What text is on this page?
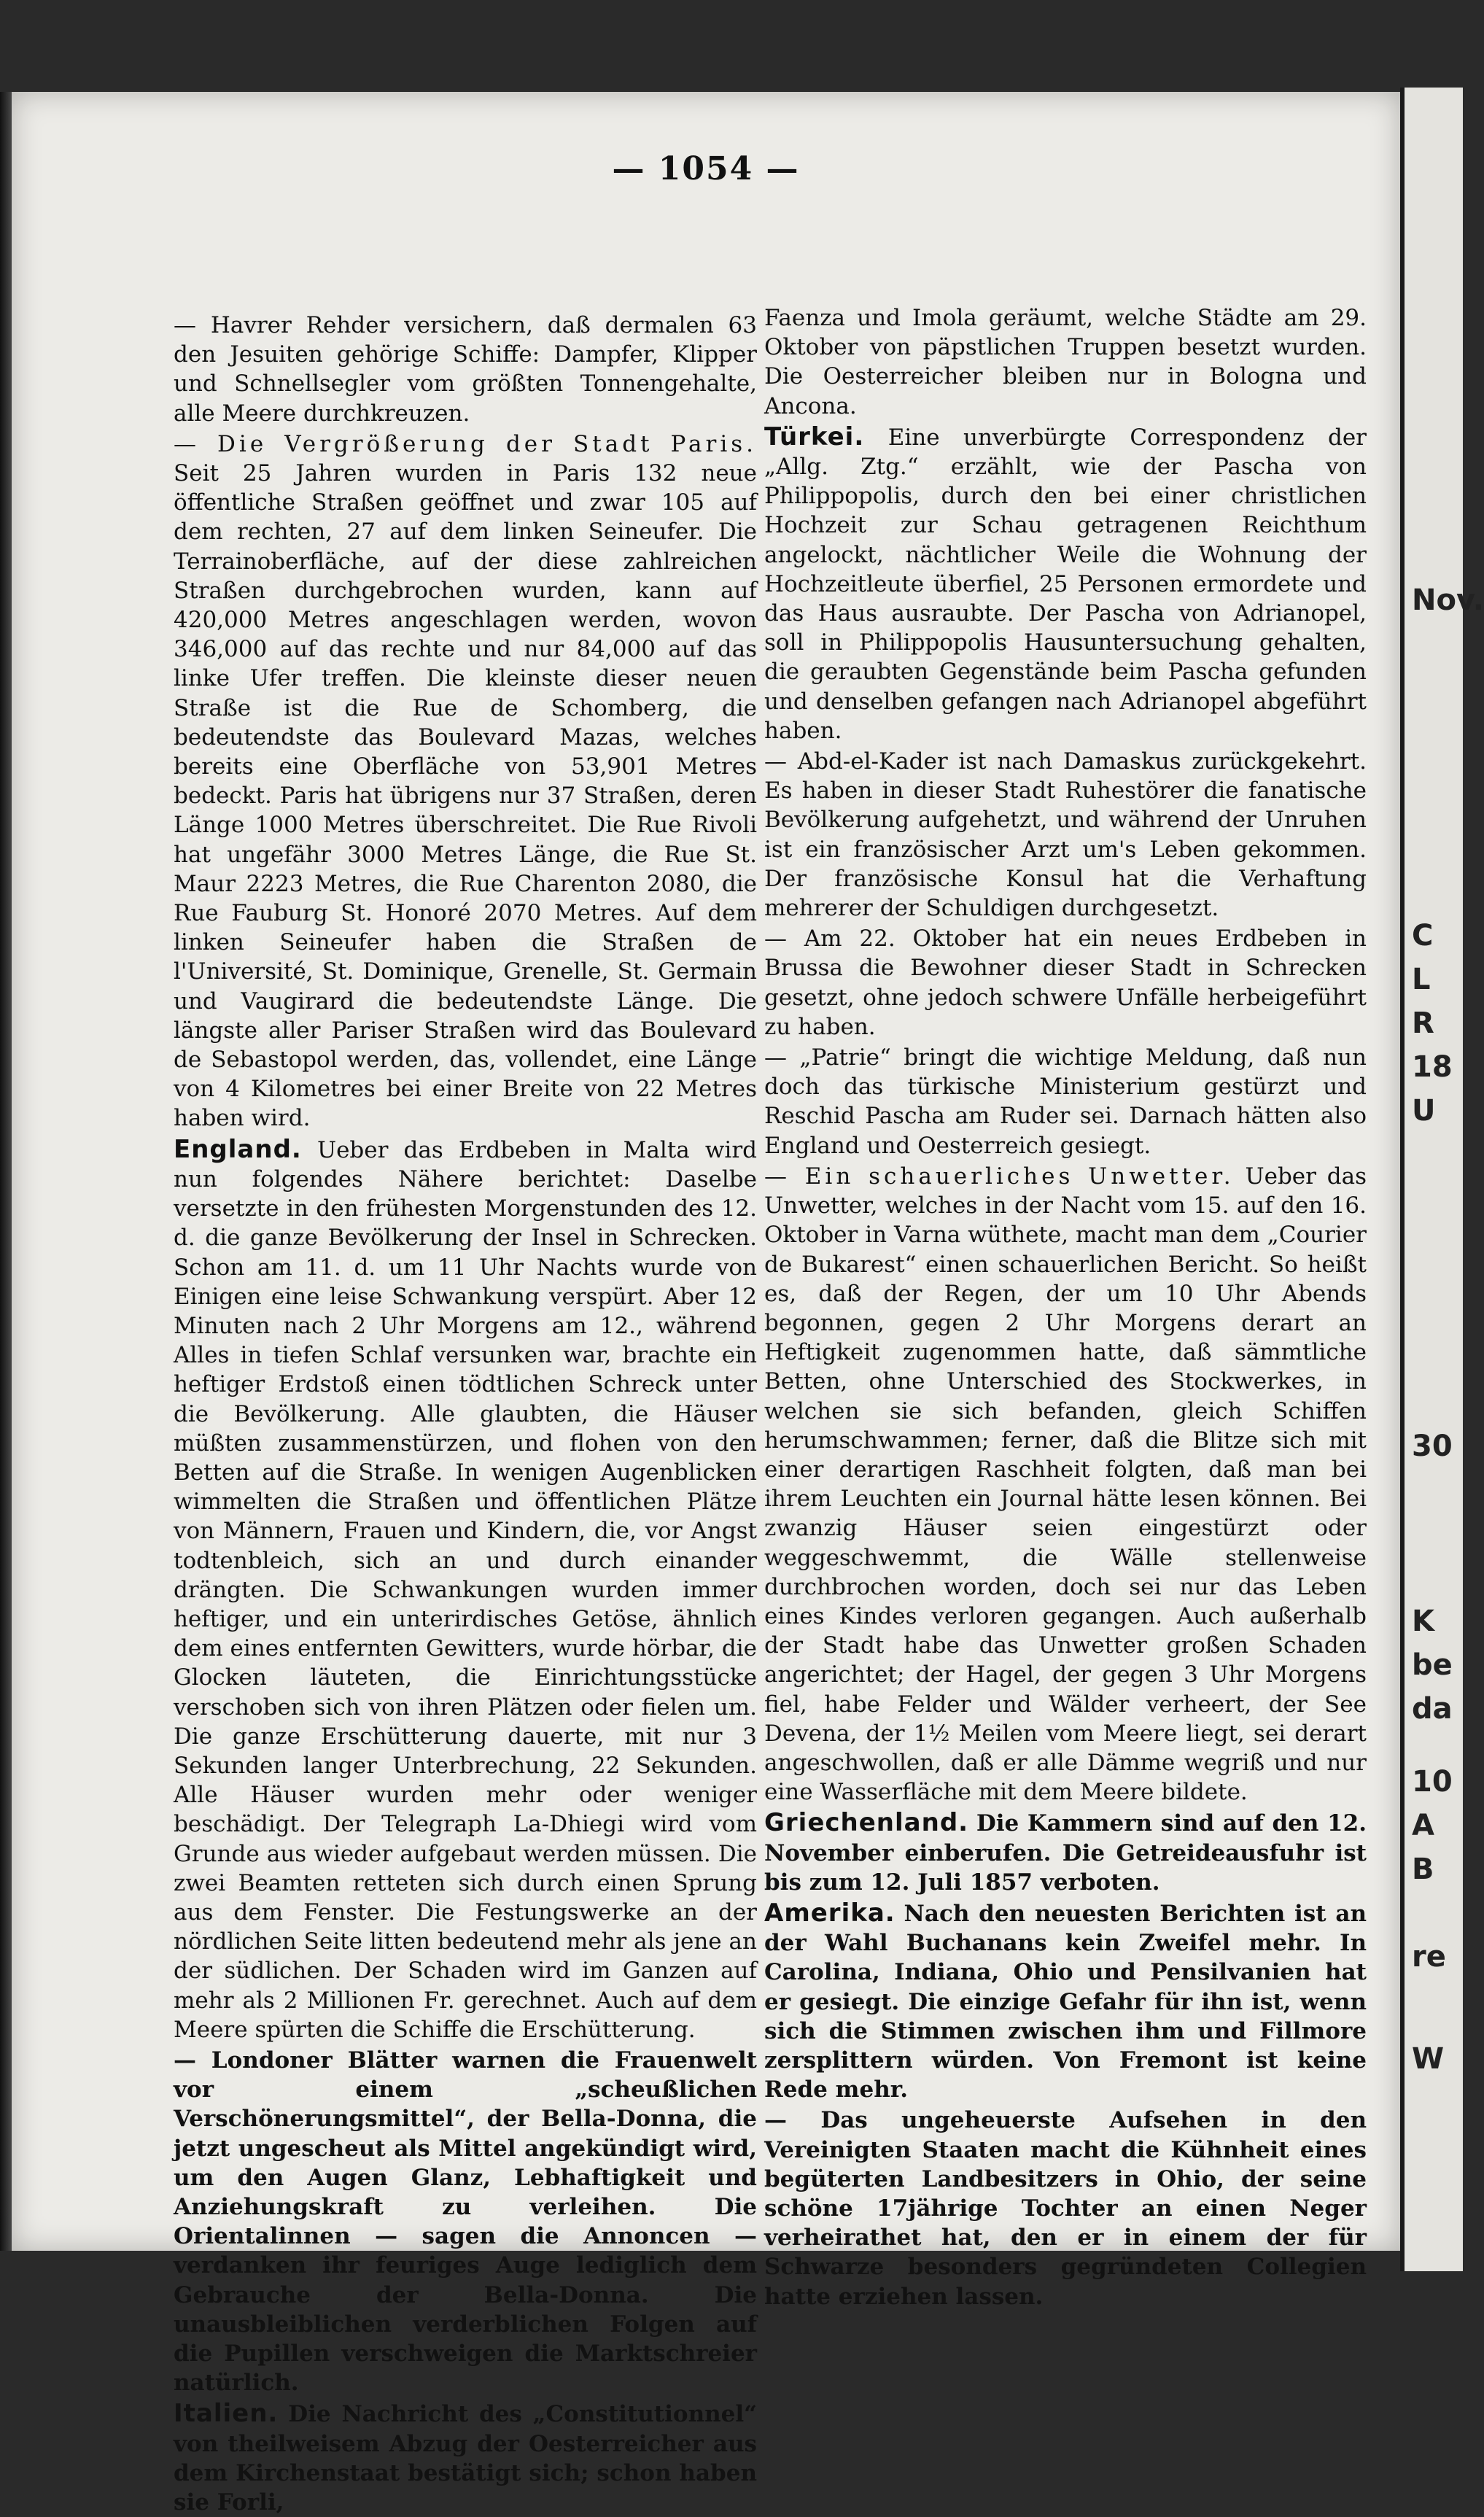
— 1054 —

— Havrer Rehder versichern, daß dermalen 63 den Jesuiten gehörige Schiffe: Dampfer, Klipper und Schnellsegler vom größten Tonnengehalte, alle Meere durchkreuzen.

— Die Vergrößerung der Stadt Paris. Seit 25 Jahren wurden in Paris 132 neue öffentliche Straßen geöffnet und zwar 105 auf dem rechten, 27 auf dem linken Seineufer. Die Terrainoberfläche, auf der diese zahlreichen Straßen durchgebrochen wurden, kann auf 420,000 Metres angeschlagen werden, wovon 346,000 auf das rechte und nur 84,000 auf das linke Ufer treffen. Die kleinste dieser neuen Straße ist die Rue de Schomberg, die bedeutendste das Boulevard Mazas, welches bereits eine Oberfläche von 53,901 Metres bedeckt. Paris hat übrigens nur 37 Straßen, deren Länge 1000 Metres überschreitet. Die Rue Rivoli hat ungefähr 3000 Metres Länge, die Rue St. Maur 2223 Metres, die Rue Charenton 2080, die Rue Fauburg St. Honoré 2070 Metres. Auf dem linken Seineufer haben die Straßen de l'Université, St. Dominique, Grenelle, St. Germain und Vaugirard die bedeutendste Länge. Die längste aller Pariser Straßen wird das Boulevard de Sebastopol werden, das, vollendet, eine Länge von 4 Kilometres bei einer Breite von 22 Metres haben wird.

England. Ueber das Erdbeben in Malta wird nun folgendes Nähere berichtet: Daselbe versetzte in den frühesten Morgenstunden des 12. d. die ganze Bevölkerung der Insel in Schrecken. Schon am 11. d. um 11 Uhr Nachts wurde von Einigen eine leise Schwankung verspürt. Aber 12 Minuten nach 2 Uhr Morgens am 12., während Alles in tiefen Schlaf versunken war, brachte ein heftiger Erdstoß einen tödtlichen Schreck unter die Bevölkerung. Alle glaubten, die Häuser müßten zusammenstürzen, und flohen von den Betten auf die Straße. In wenigen Augenblicken wimmelten die Straßen und öffentlichen Plätze von Männern, Frauen und Kindern, die, vor Angst todtenbleich, sich an und durch einander drängten. Die Schwankungen wurden immer heftiger, und ein unterirdisches Getöse, ähnlich dem eines entfernten Gewitters, wurde hörbar, die Glocken läuteten, die Einrichtungsstücke verschoben sich von ihren Plätzen oder fielen um. Die ganze Erschütterung dauerte, mit nur 3 Sekunden langer Unterbrechung, 22 Sekunden. Alle Häuser wurden mehr oder weniger beschädigt. Der Telegraph La-Dhiegi wird vom Grunde aus wieder aufgebaut werden müssen. Die zwei Beamten retteten sich durch einen Sprung aus dem Fenster. Die Festungswerke an der nördlichen Seite litten bedeutend mehr als jene an der südlichen. Der Schaden wird im Ganzen auf mehr als 2 Millionen Fr. gerechnet. Auch auf dem Meere spürten die Schiffe die Erschütterung.

— Londoner Blätter warnen die Frauenwelt vor einem „scheußlichen Verschönerungsmittel“, der Bella-Donna, die jetzt ungescheut als Mittel angekündigt wird, um den Augen Glanz, Lebhaftigkeit und Anziehungskraft zu verleihen. Die Orientalinnen — sagen die Annoncen — verdanken ihr feuriges Auge lediglich dem Gebrauche der Bella-Donna. Die unausbleiblichen verderblichen Folgen auf die Pupillen verschweigen die Marktschreier natürlich.

Italien. Die Nachricht des „Constitutionnel“ von theilweisem Abzug der Oesterreicher aus dem Kirchenstaat bestätigt sich; schon haben sie Forli,

Faenza und Imola geräumt, welche Städte am 29. Oktober von päpstlichen Truppen besetzt wurden. Die Oesterreicher bleiben nur in Bologna und Ancona.

Türkei. Eine unverbürgte Correspondenz der „Allg. Ztg.“ erzählt, wie der Pascha von Philippopolis, durch den bei einer christlichen Hochzeit zur Schau getragenen Reichthum angelockt, nächtlicher Weile die Wohnung der Hochzeitleute überfiel, 25 Personen ermordete und das Haus ausraubte. Der Pascha von Adrianopel, soll in Philippopolis Hausuntersuchung gehalten, die geraubten Gegenstände beim Pascha gefunden und denselben gefangen nach Adrianopel abgeführt haben.

— Abd-el-Kader ist nach Damaskus zurückgekehrt. Es haben in dieser Stadt Ruhestörer die fanatische Bevölkerung aufgehetzt, und während der Unruhen ist ein französischer Arzt um's Leben gekommen. Der französische Konsul hat die Verhaftung mehrerer der Schuldigen durchgesetzt.

— Am 22. Oktober hat ein neues Erdbeben in Brussa die Bewohner dieser Stadt in Schrecken gesetzt, ohne jedoch schwere Unfälle herbeigeführt zu haben.

— „Patrie“ bringt die wichtige Meldung, daß nun doch das türkische Ministerium gestürzt und Reschid Pascha am Ruder sei. Darnach hätten also England und Oesterreich gesiegt.

— Ein schauerliches Unwetter. Ueber das Unwetter, welches in der Nacht vom 15. auf den 16. Oktober in Varna wüthete, macht man dem „Courier de Bukarest“ einen schauerlichen Bericht. So heißt es, daß der Regen, der um 10 Uhr Abends begonnen, gegen 2 Uhr Morgens derart an Heftigkeit zugenommen hatte, daß sämmtliche Betten, ohne Unterschied des Stockwerkes, in welchen sie sich befanden, gleich Schiffen herumschwammen; ferner, daß die Blitze sich mit einer derartigen Raschheit folgten, daß man bei ihrem Leuchten ein Journal hätte lesen können. Bei zwanzig Häuser seien eingestürzt oder weggeschwemmt, die Wälle stellenweise durchbrochen worden, doch sei nur das Leben eines Kindes verloren gegangen. Auch außerhalb der Stadt habe das Unwetter großen Schaden angerichtet; der Hagel, der gegen 3 Uhr Morgens fiel, habe Felder und Wälder verheert, der See Devena, der 1½ Meilen vom Meere liegt, sei derart angeschwollen, daß er alle Dämme wegriß und nur eine Wasserfläche mit dem Meere bildete.

Griechenland. Die Kammern sind auf den 12. November einberufen. Die Getreideausfuhr ist bis zum 12. Juli 1857 verboten.

Amerika. Nach den neuesten Berichten ist an der Wahl Buchanans kein Zweifel mehr. In Carolina, Indiana, Ohio und Pensilvanien hat er gesiegt. Die einzige Gefahr für ihn ist, wenn sich die Stimmen zwischen ihm und Fillmore zersplittern würden. Von Fremont ist keine Rede mehr.

— Das ungeheuerste Aufsehen in den Vereinigten Staaten macht die Kühnheit eines begüterten Landbesitzers in Ohio, der seine schöne 17jährige Tochter an einen Neger verheirathet hat, den er in einem der für Schwarze besonders gegründeten Collegien hatte erziehen lassen.

Nov.
C
L
R
18
U
30
K
be
da
10
A
B
re
W
